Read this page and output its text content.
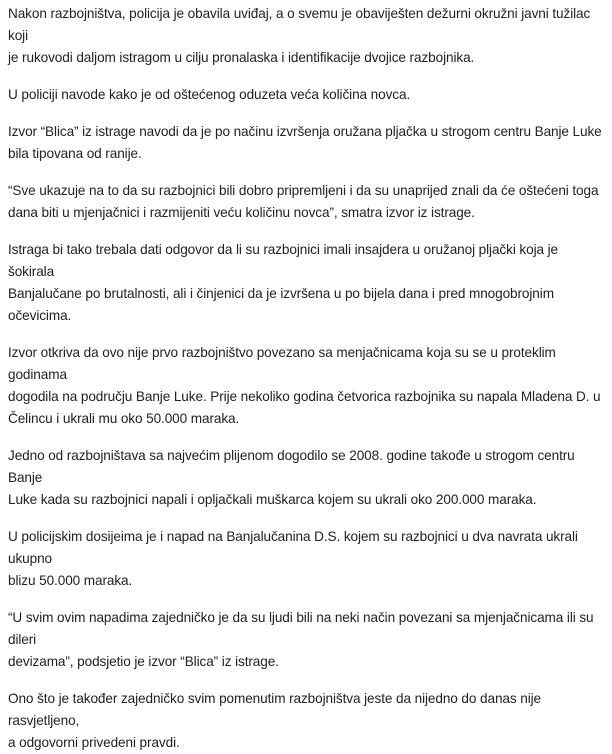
Nakon razbojništva, policija je obavila uviđaj, a o svemu je obaviješten dežurni okružni javni tužilac koji
je rukovodi daljom istragom u cilju pronalaska i identifikacije dvojice razbojnika.

U policiji navode kako je od oštećenog oduzeta veća količina novca.

Izvor “Blica” iz istrage navodi da je po načinu izvršenja oružana pljačka u strogom centru Banje Luke
bila tipovana od ranije.

“Sve ukazuje na to da su razbojnici bili dobro pripremljeni i da su unaprijed znali da će oštećeni toga
dana biti u mjenjačnici i razmijeniti veću količinu novca”, smatra izvor iz istrage.

Istraga bi tako trebala dati odgovor da li su razbojnici imali insajdera u oružanoj pljački koja je šokirala
Banjalučane po brutalnosti, ali i činjenici da je izvršena u po bijela dana i pred mnogobrojnim
očevicima.

Izvor otkriva da ovo nije prvo razbojništvo povezano sa menjačnicama koja su se u proteklim godinama
dogodila na području Banje Luke. Prije nekoliko godina četvorica razbojnika su napala Mladena D. u
Čelincu i ukrali mu oko 50.000 maraka.

Jedno od razbojništava sa najvećim plijenom dogodilo se 2008. godine takođe u strogom centru Banje
Luke kada su razbojnici napali i opljačkali muškarca kojem su ukrali oko 200.000 maraka.

U policijskim dosijeima je i napad na Banjalučanina D.S. kojem su razbojnici u dva navrata ukrali ukupno
blizu 50.000 maraka.

“U svim ovim napadima zajedničko je da su ljudi bili na neki način povezani sa mjenjačnicama ili su dileri
devizama”, podsjetio je izvor “Blica” iz istrage.

Ono što je također zajedničko svim pomenutim razbojništva jeste da nijedno do danas nije rasvjetljeno,
a odgovorni privedeni pravdi.
